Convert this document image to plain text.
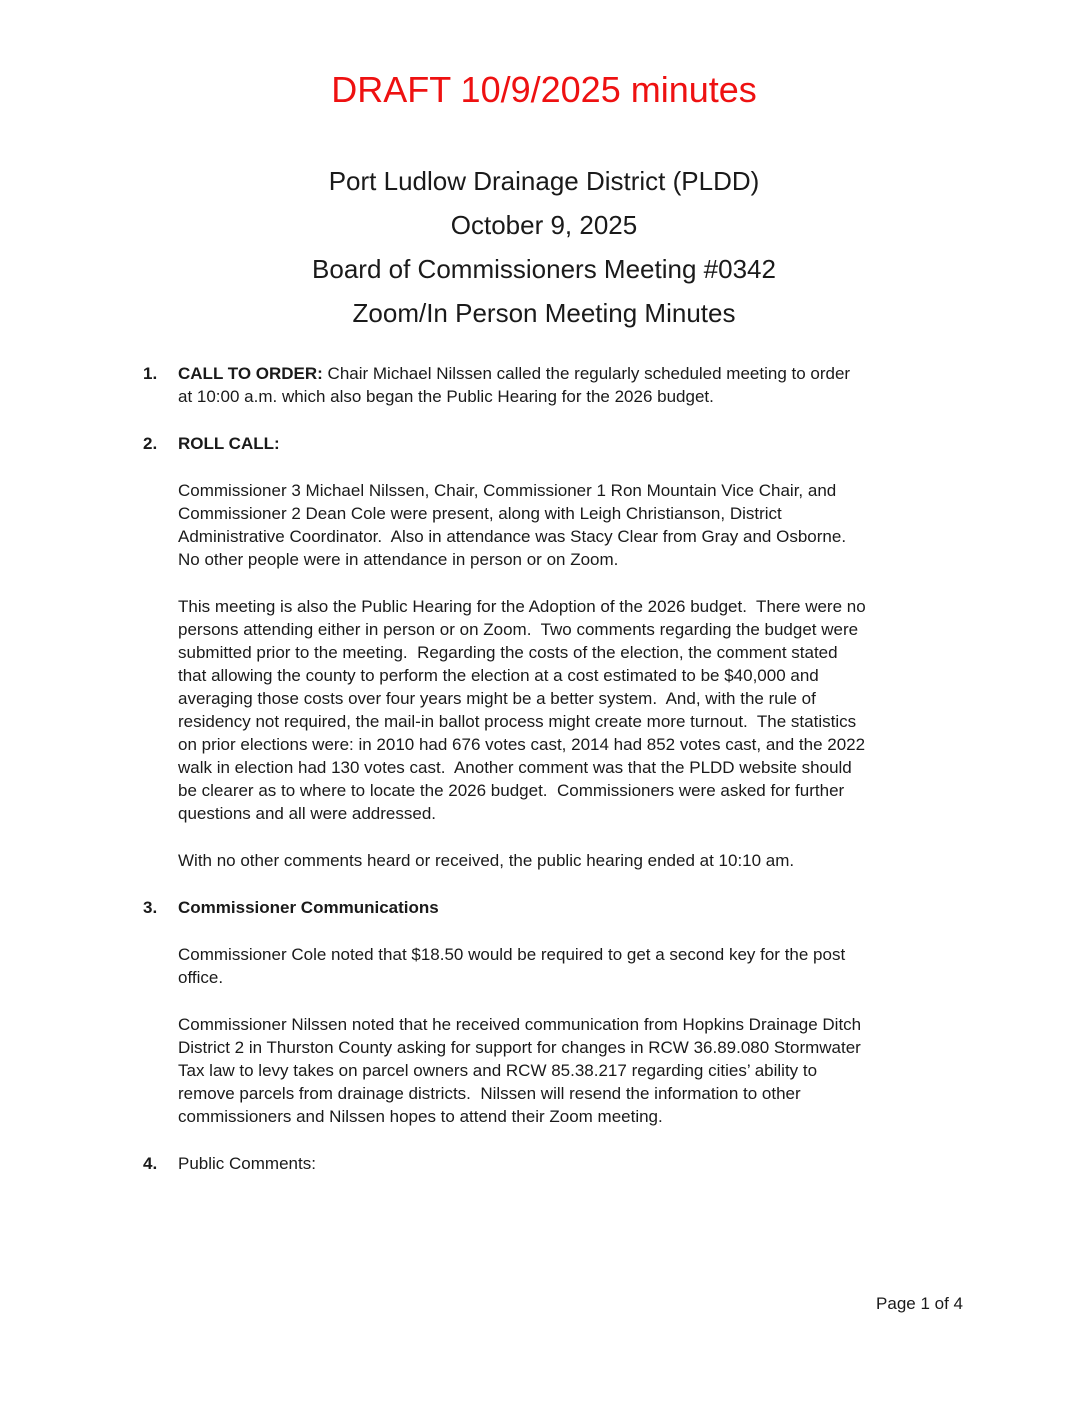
DRAFT 10/9/2025 minutes

Port Ludlow Drainage District (PLDD)

October 9, 2025

Board of Commissioners Meeting #0342

Zoom/In Person Meeting Minutes

1. CALL TO ORDER: Chair Michael Nilssen called the regularly scheduled meeting to order at 10:00 a.m. which also began the Public Hearing for the 2026 budget.
2. ROLL CALL:

Commissioner 3 Michael Nilssen, Chair, Commissioner 1 Ron Mountain Vice Chair, and Commissioner 2 Dean Cole were present, along with Leigh Christianson, District Administrative Coordinator.  Also in attendance was Stacy Clear from Gray and Osborne.  No other people were in attendance in person or on Zoom.

This meeting is also the Public Hearing for the Adoption of the 2026 budget.  There were no persons attending either in person or on Zoom.  Two comments regarding the budget were submitted prior to the meeting.  Regarding the costs of the election, the comment stated that allowing the county to perform the election at a cost estimated to be $40,000 and averaging those costs over four years might be a better system.  And, with the rule of residency not required, the mail-in ballot process might create more turnout.  The statistics on prior elections were: in 2010 had 676 votes cast, 2014 had 852 votes cast, and the 2022 walk in election had 130 votes cast.  Another comment was that the PLDD website should be clearer as to where to locate the 2026 budget.  Commissioners were asked for further questions and all were addressed.

With no other comments heard or received, the public hearing ended at 10:10 am.

3. Commissioner Communications

Commissioner Cole noted that $18.50 would be required to get a second key for the post office.

Commissioner Nilssen noted that he received communication from Hopkins Drainage Ditch District 2 in Thurston County asking for support for changes in RCW 36.89.080 Stormwater Tax law to levy takes on parcel owners and RCW 85.38.217 regarding cities’ ability to remove parcels from drainage districts.  Nilssen will resend the information to other commissioners and Nilssen hopes to attend their Zoom meeting.

4. Public Comments:
Page 1 of 4
